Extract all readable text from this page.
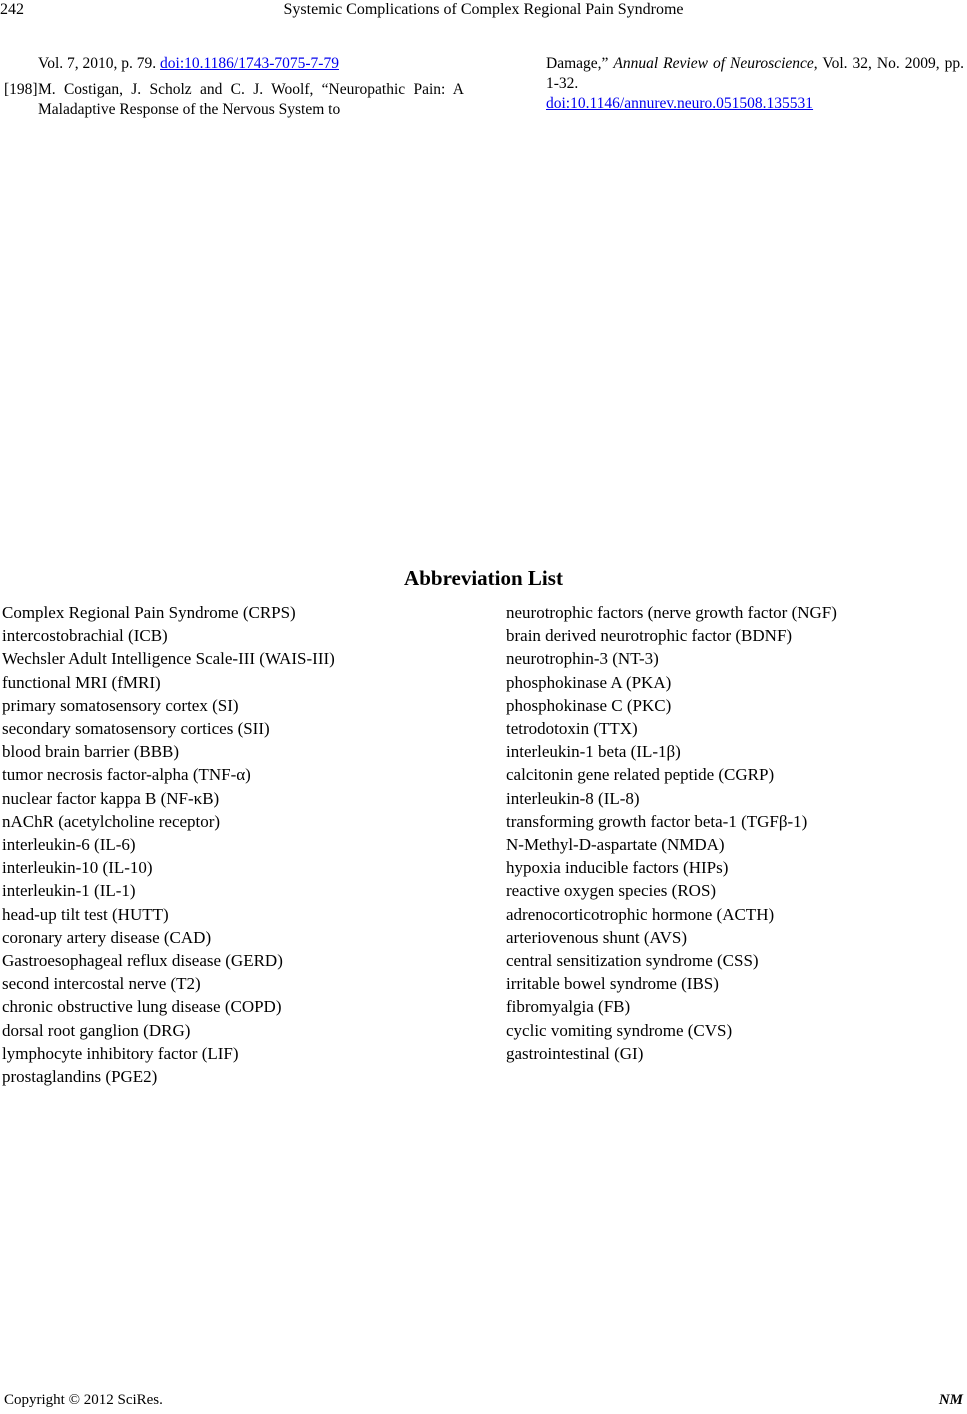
242	Systemic Complications of Complex Regional Pain Syndrome
Vol. 7, 2010, p. 79. doi:10.1186/1743-7075-7-79
[198] M. Costigan, J. Scholz and C. J. Woolf, “Neuropathic Pain: A Maladaptive Response of the Nervous System to
Damage,” Annual Review of Neuroscience, Vol. 32, No. 2009, pp. 1-32.
doi:10.1146/annurev.neuro.051508.135531
Abbreviation List
Complex Regional Pain Syndrome (CRPS)
intercostobrachial (ICB)
Wechsler Adult Intelligence Scale-III (WAIS-III)
functional MRI (fMRI)
primary somatosensory cortex (SI)
secondary somatosensory cortices (SII)
blood brain barrier (BBB)
tumor necrosis factor-alpha (TNF-α)
nuclear factor kappa B (NF-κB)
nAChR (acetylcholine receptor)
interleukin-6 (IL-6)
interleukin-10 (IL-10)
interleukin-1 (IL-1)
head-up tilt test (HUTT)
coronary artery disease (CAD)
Gastroesophageal reflux disease (GERD)
second intercostal nerve (T2)
chronic obstructive lung disease (COPD)
dorsal root ganglion (DRG)
lymphocyte inhibitory factor (LIF)
prostaglandins (PGE2)
neurotrophic factors (nerve growth factor (NGF)
brain derived neurotrophic factor (BDNF)
neurotrophin-3 (NT-3)
phosphokinase A (PKA)
phosphokinase C (PKC)
tetrodotoxin (TTX)
interleukin-1 beta (IL-1β)
calcitonin gene related peptide (CGRP)
interleukin-8 (IL-8)
transforming growth factor beta-1 (TGFβ-1)
N-Methyl-D-aspartate (NMDA)
hypoxia inducible factors (HIPs)
reactive oxygen species (ROS)
adrenocorticotrophic hormone (ACTH)
arteriovenous shunt (AVS)
central sensitization syndrome (CSS)
irritable bowel syndrome (IBS)
fibromyalgia (FB)
cyclic vomiting syndrome (CVS)
gastrointestinal (GI)
Copyright © 2012 SciRes.	NM
